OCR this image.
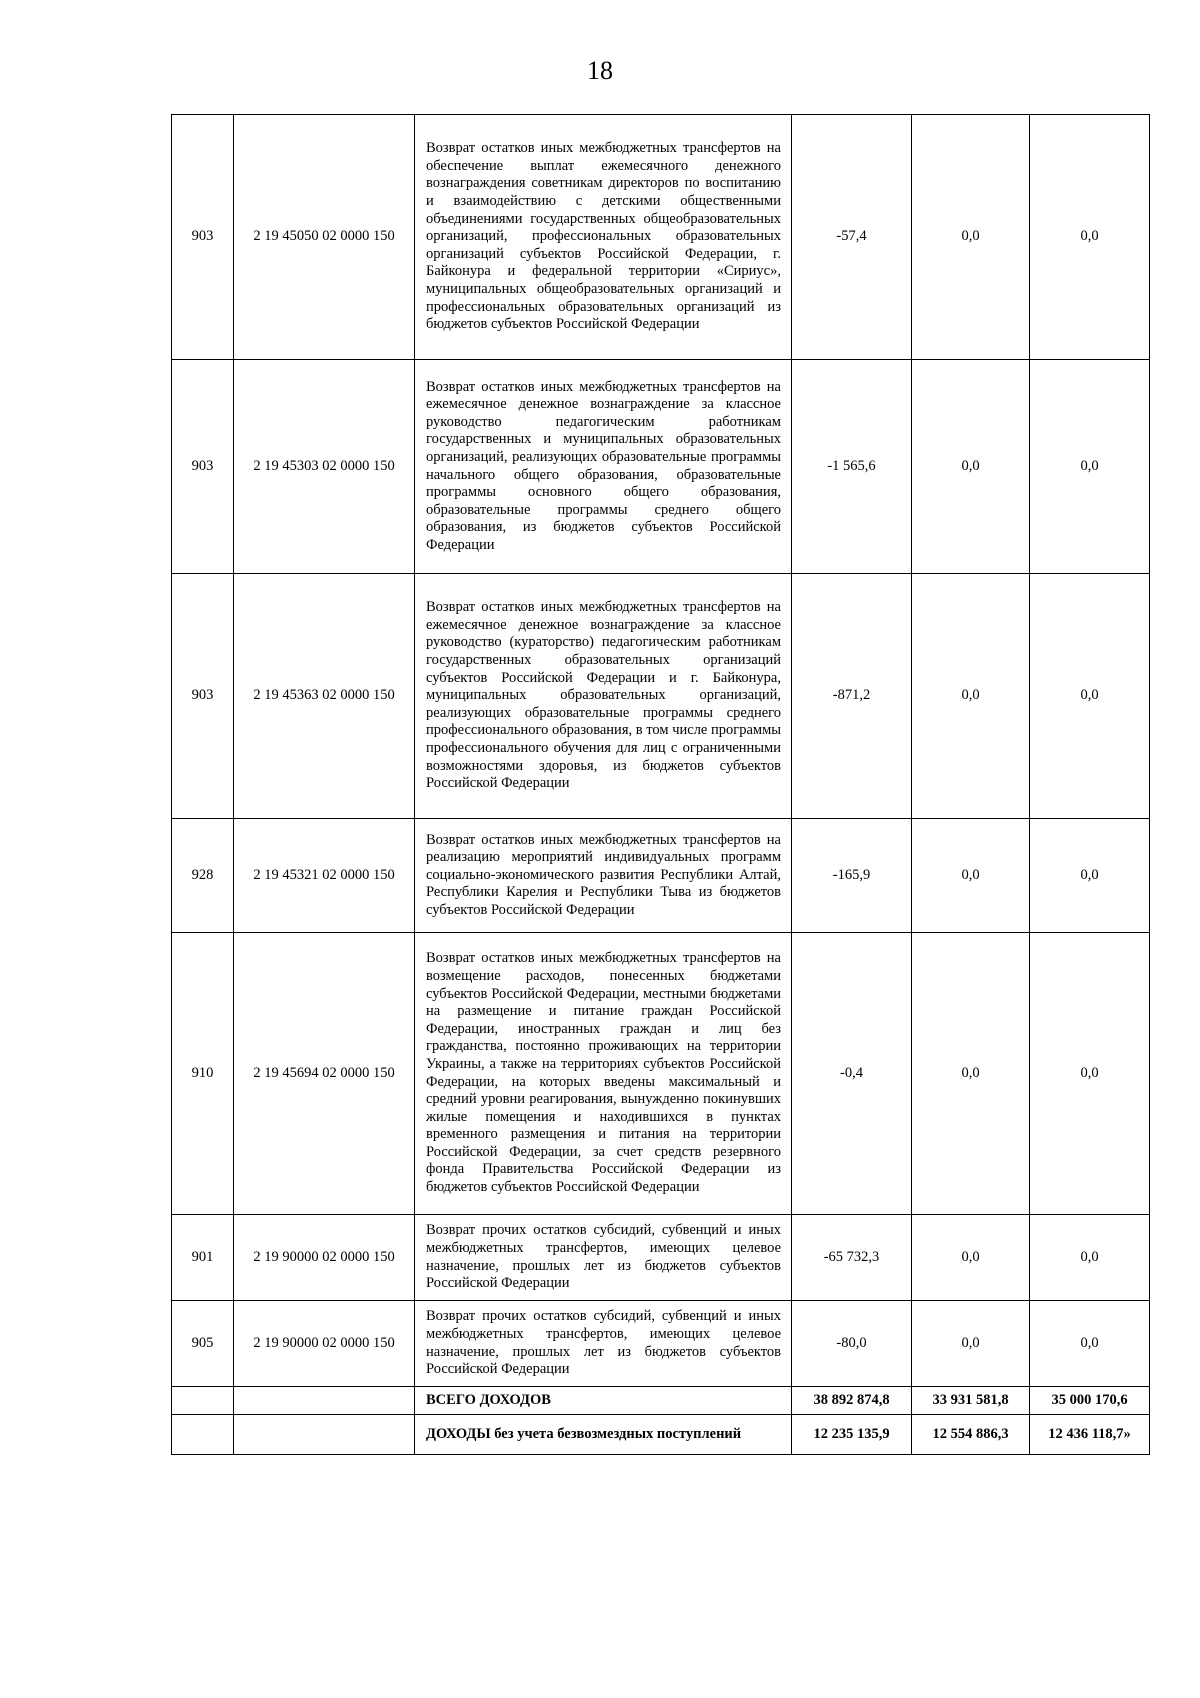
18
903	2 19 45050 02 0000 150	Возврат остатков иных межбюджетных трансфертов на обеспечение выплат ежемесячного денежного вознаграждения советникам директоров по воспитанию и взаимодействию с детскими общественными объединениями государственных общеобразовательных организаций, профессиональных образовательных организаций субъектов Российской Федерации, г. Байконура и федеральной территории «Сириус», муниципальных общеобразовательных организаций и профессиональных образовательных организаций из бюджетов субъектов Российской Федерации	-57,4	0,0	0,0
903	2 19 45303 02 0000 150	Возврат остатков иных межбюджетных трансфертов на ежемесячное денежное вознаграждение за классное руководство педагогическим работникам государственных и муниципальных образовательных организаций, реализующих образовательные программы начального общего образования, образовательные программы основного общего образования, образовательные программы среднего общего образования, из бюджетов субъектов Российской Федерации	-1 565,6	0,0	0,0
903	2 19 45363 02 0000 150	Возврат остатков иных межбюджетных трансфертов на ежемесячное денежное вознаграждение за классное руководство (кураторство) педагогическим работникам государственных образовательных организаций субъектов Российской Федерации и г. Байконура, муниципальных образовательных организаций, реализующих образовательные программы среднего профессионального образования, в том числе программы профессионального обучения для лиц с ограниченными возможностями здоровья, из бюджетов субъектов Российской Федерации	-871,2	0,0	0,0
928	2 19 45321 02 0000 150	Возврат остатков иных межбюджетных трансфертов на реализацию мероприятий индивидуальных программ социально-экономического развития Республики Алтай, Республики Карелия и Республики Тыва из бюджетов субъектов Российской Федерации	-165,9	0,0	0,0
910	2 19 45694 02 0000 150	Возврат остатков иных межбюджетных трансфертов на возмещение расходов, понесенных бюджетами субъектов Российской Федерации, местными бюджетами на размещение и питание граждан Российской Федерации, иностранных граждан и лиц без гражданства, постоянно проживающих на территории Украины, а также на территориях субъектов Российской Федерации, на которых введены максимальный и средний уровни реагирования, вынужденно покинувших жилые помещения и находившихся в пунктах временного размещения и питания на территории Российской Федерации, за счет средств резервного фонда Правительства Российской Федерации из бюджетов субъектов Российской Федерации	-0,4	0,0	0,0
901	2 19 90000 02 0000 150	Возврат прочих остатков субсидий, субвенций и иных межбюджетных трансфертов, имеющих целевое назначение, прошлых лет из бюджетов субъектов Российской Федерации	-65 732,3	0,0	0,0
905	2 19 90000 02 0000 150	Возврат прочих остатков субсидий, субвенций и иных межбюджетных трансфертов, имеющих целевое назначение, прошлых лет из бюджетов субъектов Российской Федерации	-80,0	0,0	0,0
		ВСЕГО ДОХОДОВ	38 892 874,8	33 931 581,8	35 000 170,6

		ДОХОДЫ без учета безвозмездных поступлений	12 235 135,9	12 554 886,3	12 436 118,7»
